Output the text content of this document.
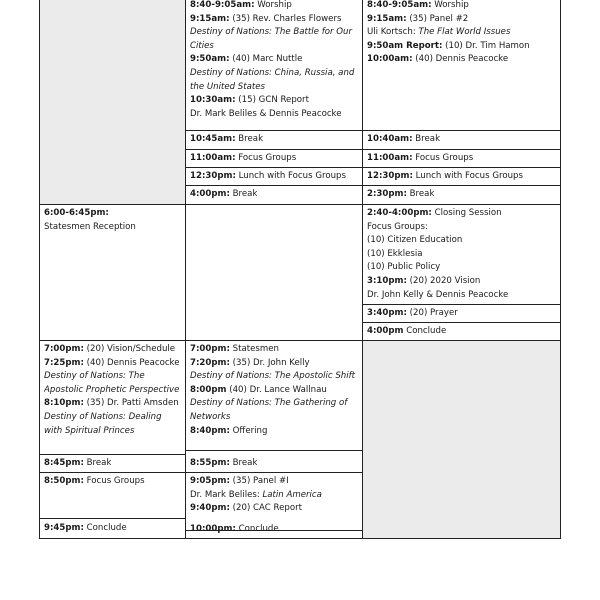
8:40-9:05am: Worship
9:15am: (35) Rev. Charles Flowers
Destiny of Nations: The Battle for Our
Cities
9:50am: (40) Marc Nuttle
Destiny of Nations: China, Russia, and
the United States
10:30am: (15) GCN Report
Dr. Mark Beliles & Dennis Peacocke
10:45am: Break
11:00am: Focus Groups
12:30pm: Lunch with Focus Groups
4:00pm: Break
7:00pm: Statesmen
7:20pm: (35) Dr. John Kelly
Destiny of Nations: The Apostolic Shift
8:00pm (40) Dr. Lance Wallnau
Destiny of Nations: The Gathering of
Networks
8:40pm: Offering
8:55pm: Break
9:05pm: (35) Panel #I
Dr. Mark Beliles: Latin America
9:40pm: (20) CAC Report
10:00pm: Conclude
8:40-9:05am: Worship
9:15am: (35) Panel #2
Uli Kortsch: The Flat World Issues
9:50am Report: (10) Dr. Tim Hamon
10:00am: (40) Dennis Peacocke
10:40am: Break
11:00am: Focus Groups
12:30pm: Lunch with Focus Groups
2:30pm: Break
2:40-4:00pm: Closing Session
Focus Groups:
(10) Citizen Education
(10) Ekklesia
(10) Public Policy
3:10pm: (20) 2020 Vision
Dr. John Kelly & Dennis Peacocke
3:40pm: (20) Prayer
4:00pm Conclude
6:00-6:45pm:
Statesmen Reception
7:00pm: (20) Vision/Schedule
7:25pm: (40) Dennis Peacocke
Destiny of Nations: The
Apostolic Prophetic Perspective
8:10pm: (35) Dr. Patti Amsden
Destiny of Nations: Dealing
with Spiritual Princes
8:45pm: Break
8:50pm: Focus Groups
9:45pm: Conclude
